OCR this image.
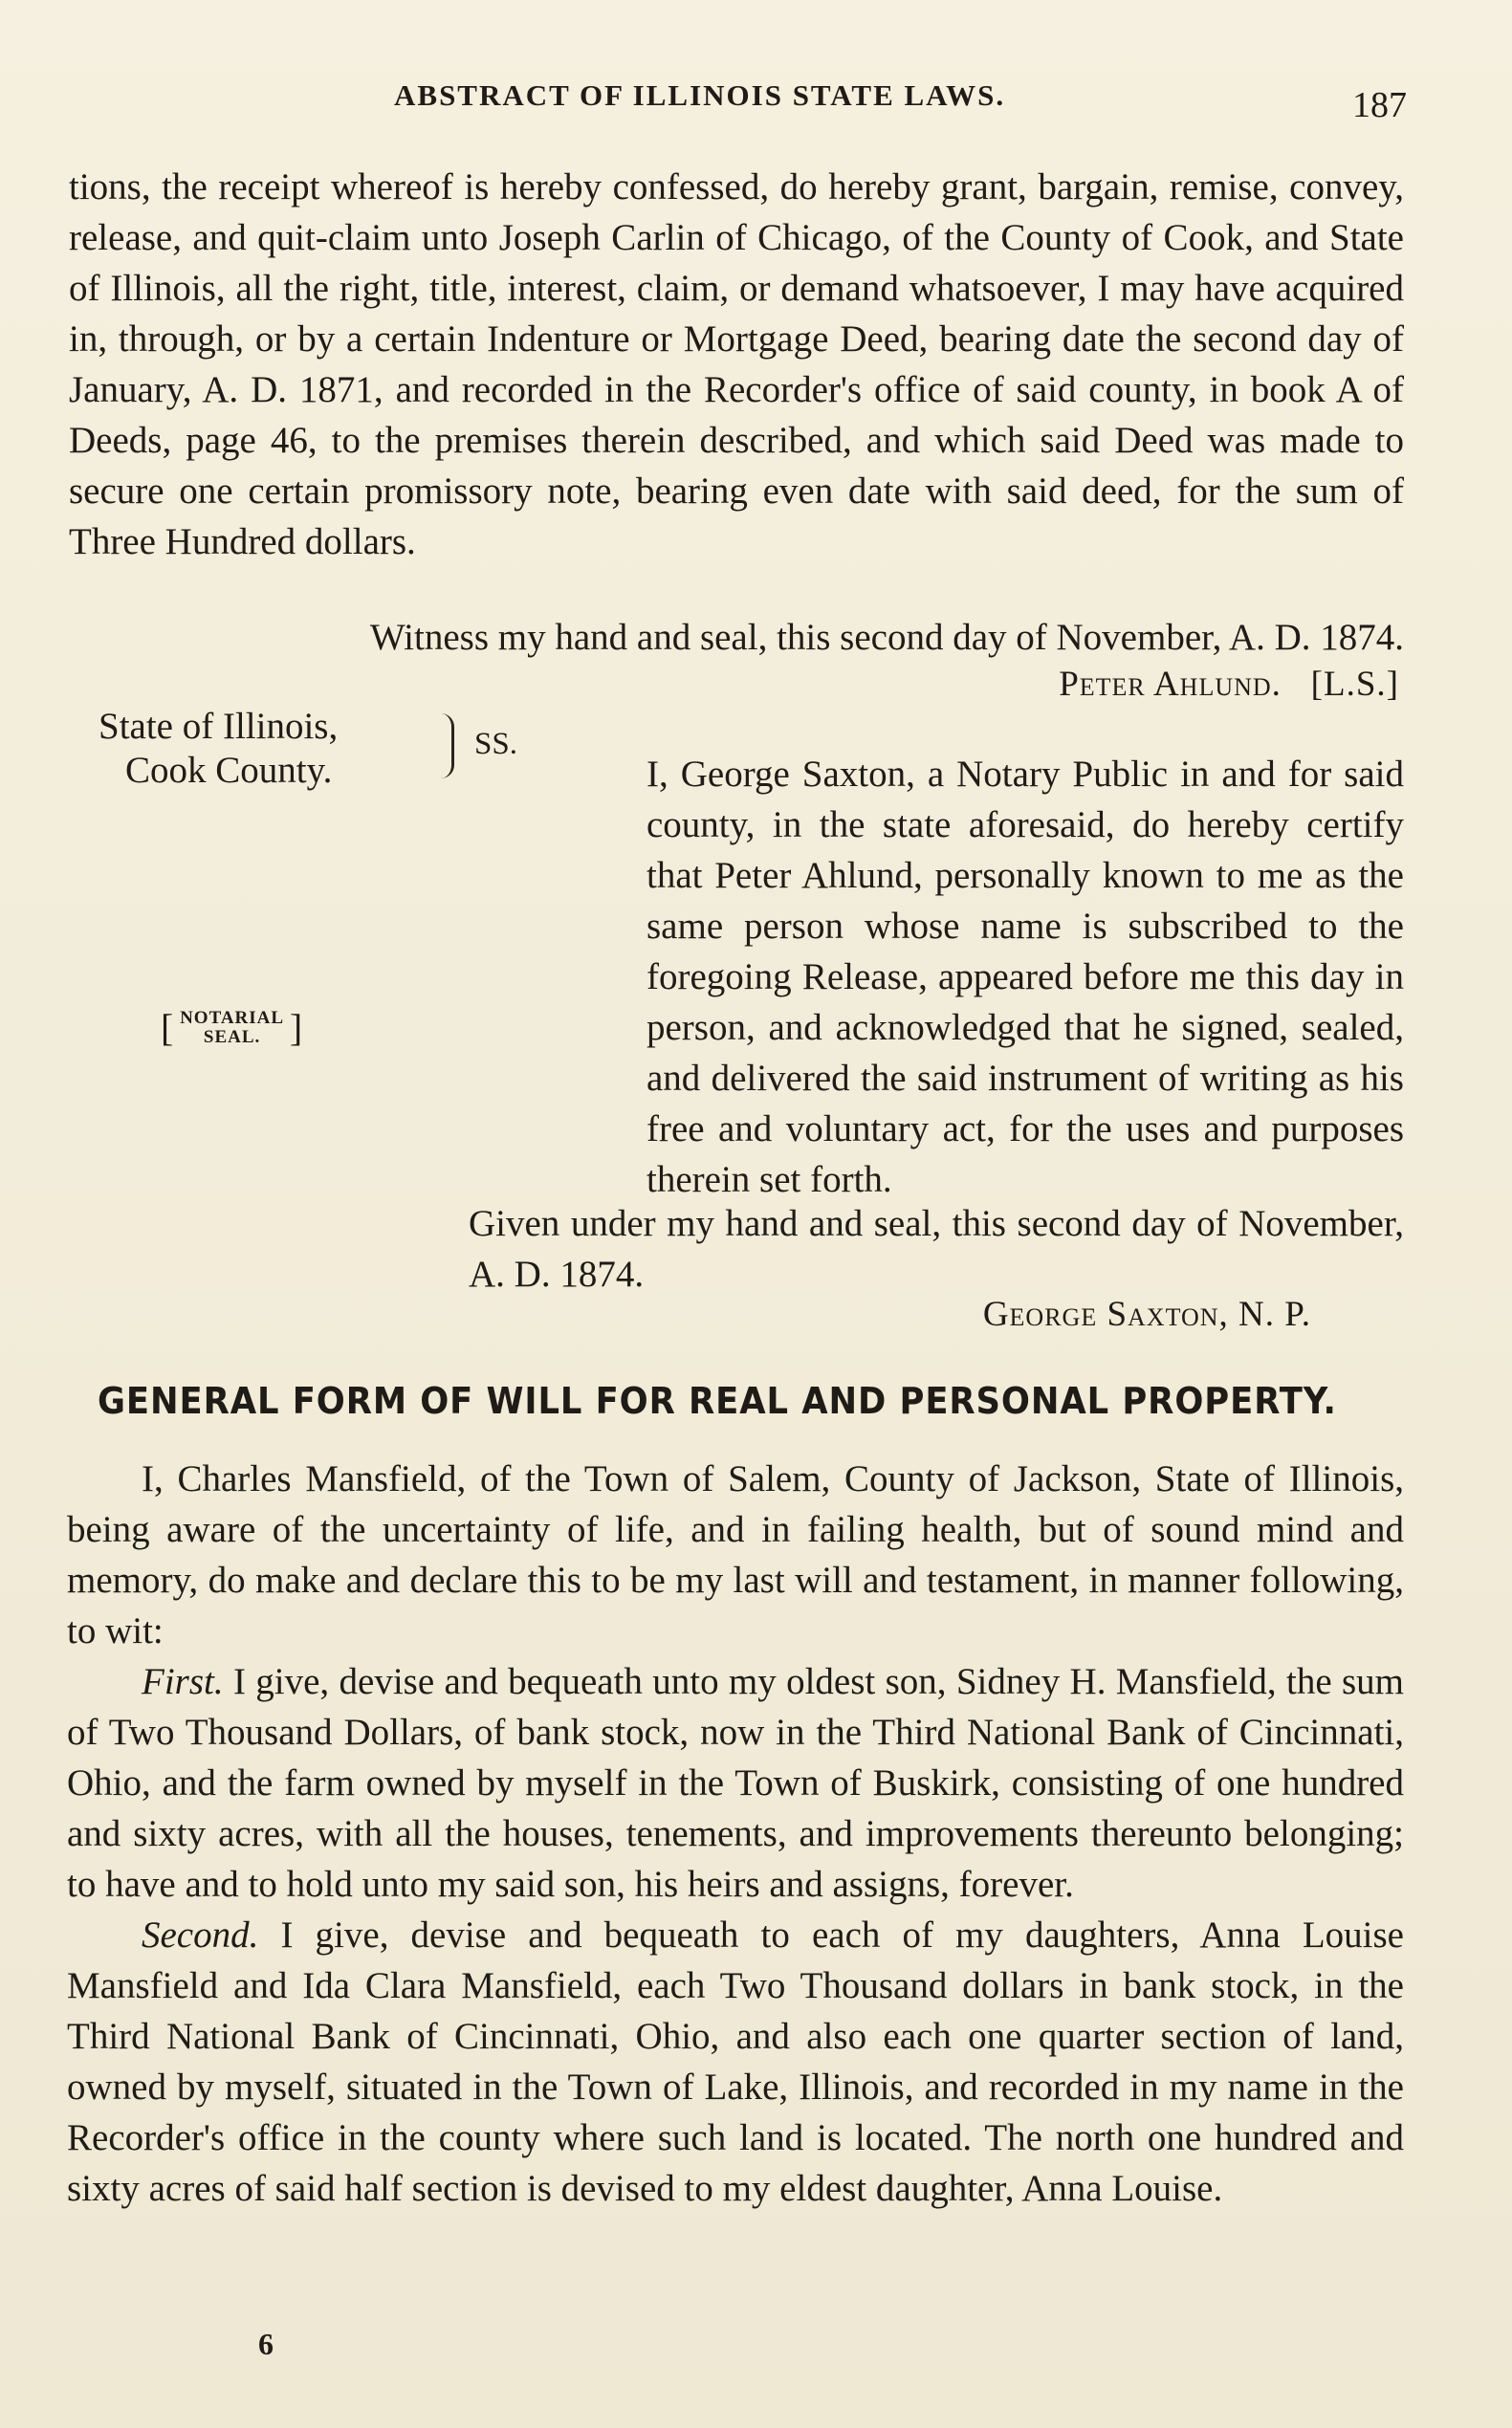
ABSTRACT OF ILLINOIS STATE LAWS.	187
tions, the receipt whereof is hereby confessed, do hereby grant, bargain, remise, convey, release, and quit-claim unto Joseph Carlin of Chicago, of the County of Cook, and State of Illinois, all the right, title, interest, claim, or demand whatsoever, I may have acquired in, through, or by a certain Indenture or Mortgage Deed, bearing date the second day of January, A. D. 1871, and recorded in the Recorder's office of said county, in book A of Deeds, page 46, to the premises therein described, and which said Deed was made to secure one certain promissory note, bearing even date with said deed, for the sum of Three Hundred dollars.
Witness my hand and seal, this second day of November, A. D. 1874.
Peter Ahlund. [L.S.]
State of Illinois,
Cook County.
SS.
I, George Saxton, a Notary Public in and for said county, in the state aforesaid, do hereby certify that Peter Ahlund, personally known to me as the same person whose name is subscribed to the foregoing Release, appeared before me this day in person, and acknowledged that he signed, sealed, and delivered the said instrument of writing as his free and voluntary act, for the uses and purposes therein set forth.
[ NOTARIAL
SEAL. ]
Given under my hand and seal, this second day of November, A. D. 1874.
George Saxton, N. P.
GENERAL FORM OF WILL FOR REAL AND PERSONAL PROPERTY.

I, Charles Mansfield, of the Town of Salem, County of Jackson, State of Illinois, being aware of the uncertainty of life, and in failing health, but of sound mind and memory, do make and declare this to be my last will and testament, in manner following, to wit:

First. I give, devise and bequeath unto my oldest son, Sidney H. Mansfield, the sum of Two Thousand Dollars, of bank stock, now in the Third National Bank of Cincinnati, Ohio, and the farm owned by myself in the Town of Buskirk, consisting of one hundred and sixty acres, with all the houses, tenements, and improvements thereunto belonging; to have and to hold unto my said son, his heirs and assigns, forever.

Second. I give, devise and bequeath to each of my daughters, Anna Louise Mansfield and Ida Clara Mansfield, each Two Thousand dollars in bank stock, in the Third National Bank of Cincinnati, Ohio, and also each one quarter section of land, owned by myself, situated in the Town of Lake, Illinois, and recorded in my name in the Recorder's office in the county where such land is located. The north one hundred and sixty acres of said half section is devised to my eldest daughter, Anna Louise.

6
